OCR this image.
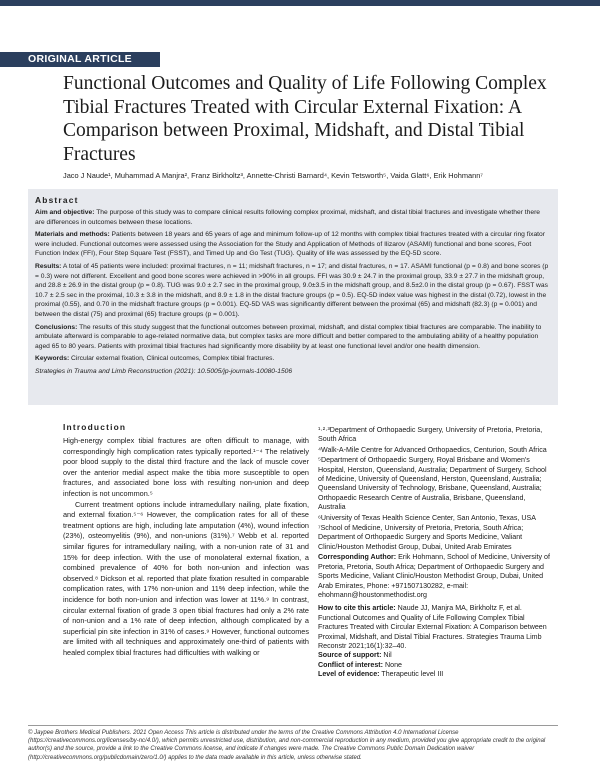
ORIGINAL ARTICLE
Functional Outcomes and Quality of Life Following Complex Tibial Fractures Treated with Circular External Fixation: A Comparison between Proximal, Midshaft, and Distal Tibial Fractures
Jaco J Naude¹, Muhammad A Manjra², Franz Birkholtz³, Annette-Christi Barnard⁴, Kevin Tetsworth⁵, Vaida Glatt⁶, Erik Hohmann⁷
Abstract

Aim and objective: The purpose of this study was to compare clinical results following complex proximal, midshaft, and distal tibial fractures and investigate whether there are differences in outcomes between these locations.

Materials and methods: Patients between 18 years and 65 years of age and minimum follow-up of 12 months with complex tibial fractures treated with a circular ring fixator were included. Functional outcomes were assessed using the Association for the Study and Application of Methods of Ilizarov (ASAMI) functional and bone scores, Foot Function Index (FFI), Four Step Square Test (FSST), and Timed Up and Go Test (TUG). Quality of life was assessed by the EQ-5D score.

Results: A total of 45 patients were included: proximal fractures, n = 11; midshaft fractures, n = 17; and distal fractures, n = 17. ASAMI functional (p = 0.8) and bone scores (p = 0.3) were not different. Excellent and good bone scores were achieved in >90% in all groups. FFI was 30.9 ± 24.7 in the proximal group, 33.9 ± 27.7 in the midshaft group, and 28.8 ± 26.9 in the distal group (p = 0.8). TUG was 9.0 ± 2.7 sec in the proximal group, 9.0±3.5 in the midshaft group, and 8.5±2.0 in the distal group (p = 0.67). FSST was 10.7 ± 2.5 sec in the proximal, 10.3 ± 3.8 in the midshaft, and 8.9 ± 1.8 in the distal fracture groups (p = 0.5). EQ-5D index value was highest in the distal (0.72), lowest in the proximal (0.55), and 0.70 in the midshaft fracture groups (p = 0.001). EQ-5D VAS was significantly different between the proximal (65) and midshaft (82.3) (p = 0.001) and between the distal (75) and proximal (65) fracture groups (p = 0.001).

Conclusions: The results of this study suggest that the functional outcomes between proximal, midshaft, and distal complex tibial fractures are comparable. The inability to ambulate afterward is comparable to age-related normative data, but complex tasks are more difficult and better compared to the ambulating ability of a healthy population aged 65 to 80 years. Patients with proximal tibial fractures had significantly more disability by at least one functional level and/or one health dimension.

Keywords: Circular external fixation, Clinical outcomes, Complex tibial fractures.

Strategies in Trauma and Limb Reconstruction (2021): 10.5005/jp-journals-10080-1506

Introduction

High-energy complex tibial fractures are often difficult to manage, with correspondingly high complication rates typically reported.¹⁻⁴ The relatively poor blood supply to the distal third fracture and the lack of muscle cover over the anterior medial aspect make the tibia more susceptible to open fractures, and associated bone loss with resulting non-union and deep infection is not uncommon.⁵

Current treatment options include intramedullary nailing, plate fixation, and external fixation.⁵⁻⁶ However, the complication rates for all of these treatment options are high, including late amputation (4%), wound infection (23%), osteomyelitis (9%), and non-unions (31%).⁷ Webb et al. reported similar figures for intramedullary nailing, with a non-union rate of 31 and 15% for deep infection. With the use of monolateral external fixation, a combined prevalence of 40% for both non-union and infection was observed.⁸ Dickson et al. reported that plate fixation resulted in comparable complication rates, with 17% non-union and 11% deep infection, while the incidence for both non-union and infection was lower at 11%.⁹ In contrast, circular external fixation of grade 3 open tibial fractures had only a 2% rate of non-union and a 1% rate of deep infection, although complicated by a superficial pin site infection in 31% of cases.⁹ However, functional outcomes are limited with all techniques and approximately one-third of patients with healed complex tibial fractures had difficulties with walking or

¹·²·³Department of Orthopaedic Surgery, University of Pretoria, Pretoria, South Africa

⁴Walk-A-Mile Centre for Advanced Orthopaedics, Centurion, South Africa

⁵Department of Orthopaedic Surgery, Royal Brisbane and Women's Hospital, Herston, Queensland, Australia; Department of Surgery, School of Medicine, University of Queensland, Herston, Queensland, Australia; Queensland University of Technology, Brisbane, Queensland, Australia; Orthopaedic Research Centre of Australia, Brisbane, Queensland, Australia

⁶University of Texas Health Science Center, San Antonio, Texas, USA

⁷School of Medicine, University of Pretoria, Pretoria, South Africa; Department of Orthopaedic Surgery and Sports Medicine, Valiant Clinic/Houston Methodist Group, Dubai, United Arab Emirates

Corresponding Author: Erik Hohmann, School of Medicine, University of Pretoria, Pretoria, South Africa; Department of Orthopaedic Surgery and Sports Medicine, Valiant Clinic/Houston Methodist Group, Dubai, United Arab Emirates, Phone: +971507130282, e-mail: ehohmann@houstonmethodist.org

How to cite this article: Naude JJ, Manjra MA, Birkholtz F, et al. Functional Outcomes and Quality of Life Following Complex Tibial Fractures Treated with Circular External Fixation: A Comparison between Proximal, Midshaft, and Distal Tibial Fractures. Strategies Trauma Limb Reconstr 2021;16(1):32–40.

Source of support: Nil

Conflict of interest: None

Level of evidence: Therapeutic level III

© Jaypee Brothers Medical Publishers. 2021 Open Access This article is distributed under the terms of the Creative Commons Attribution 4.0 International License (https://creativecommons.org/licenses/by-nc/4.0/), which permits unrestricted use, distribution, and non-commercial reproduction in any medium, provided you give appropriate credit to the original author(s) and the source, provide a link to the Creative Commons license, and indicate if changes were made. The Creative Commons Public Domain Dedication waiver (http://creativecommons.org/publicdomain/zero/1.0/) applies to the data made available in this article, unless otherwise stated.
